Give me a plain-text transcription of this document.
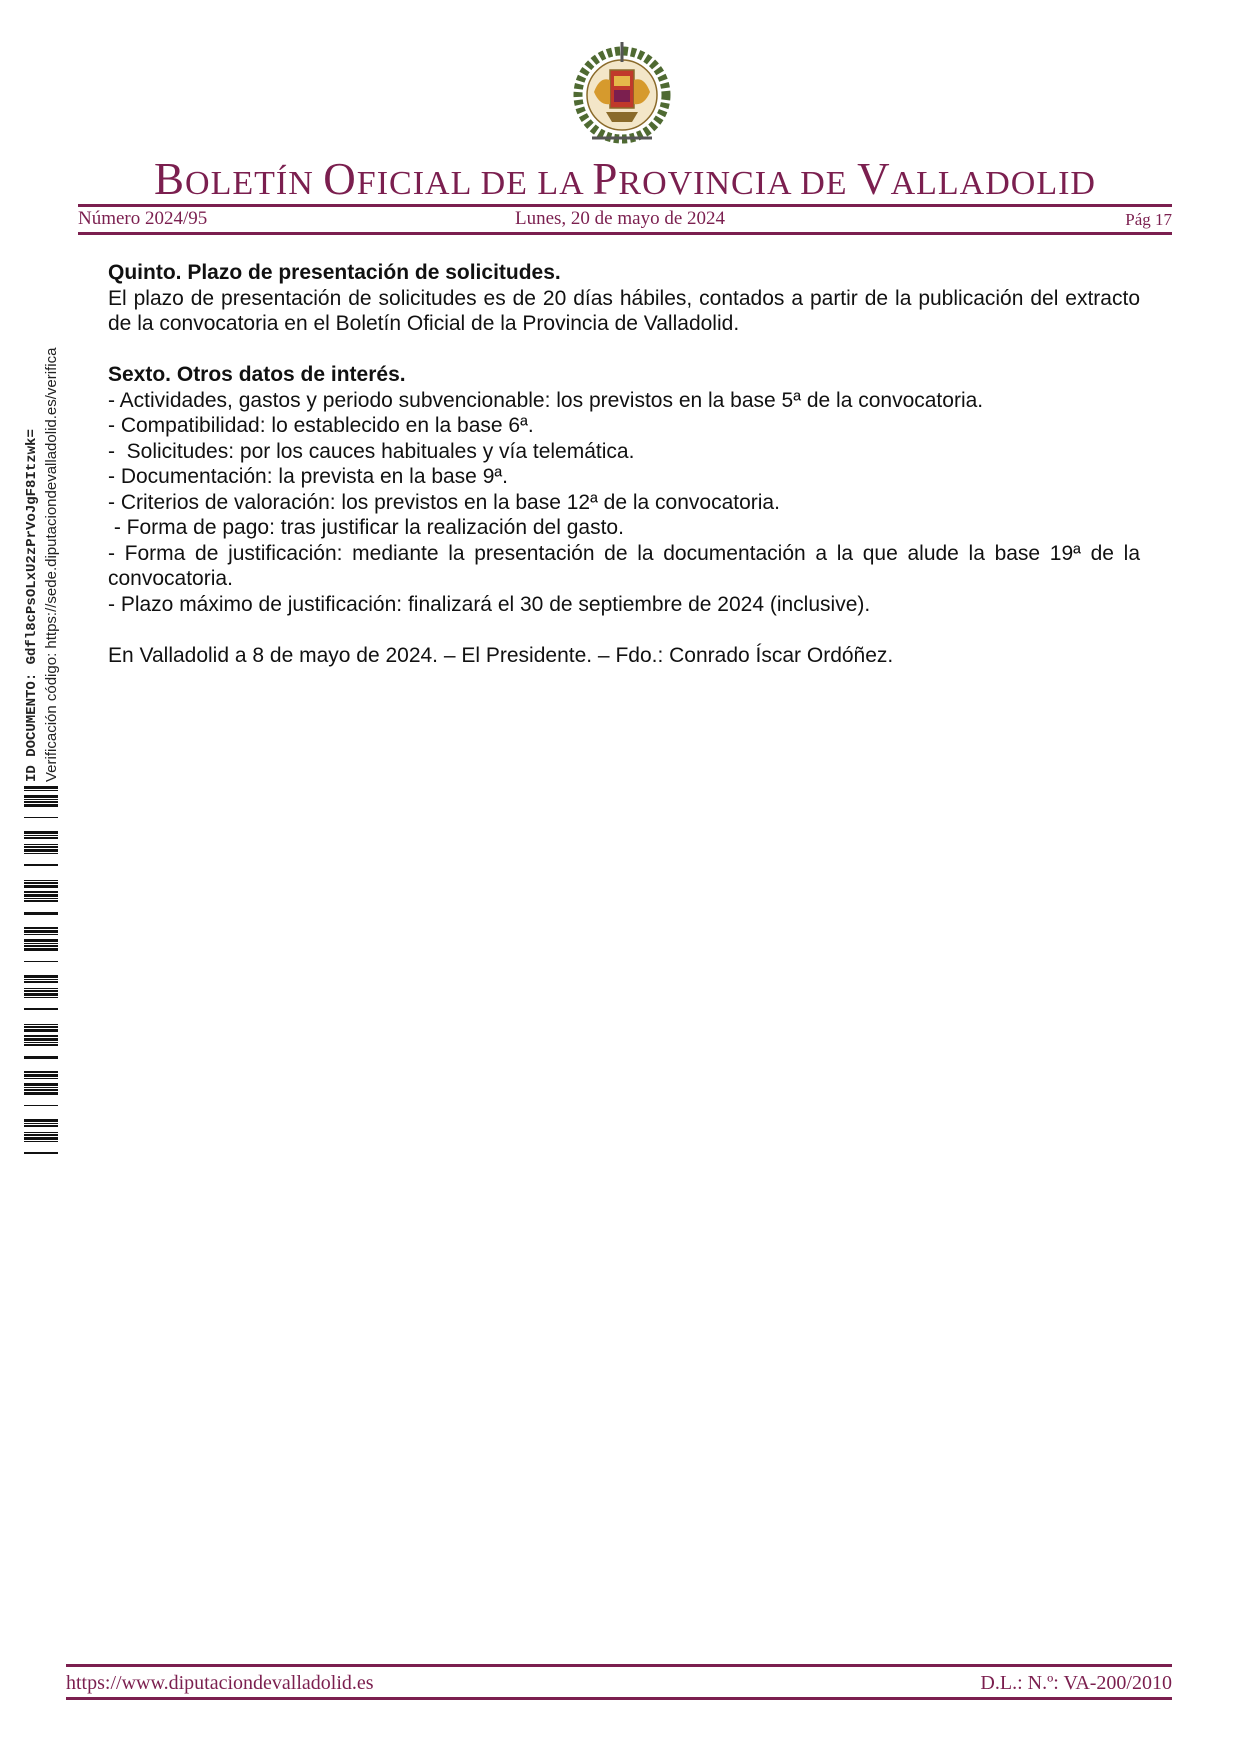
BOLETÍN OFICIAL DE LA PROVINCIA DE VALLADOLID
Número 2024/95	Lunes, 20 de mayo de 2024	Pág 17
ID DOCUMENTO: Gdfl8cPsOLxU2zPrVoJgF8Itzwk= Verificación código: https://sede.diputaciondevalladolid.es/verifica

Quinto. Plazo de presentación de solicitudes.

El plazo de presentación de solicitudes es de 20 días hábiles, contados a partir de la publicación del extracto de la convocatoria en el Boletín Oficial de la Provincia de Valladolid.

Sexto. Otros datos de interés.

- Actividades, gastos y periodo subvencionable: los previstos en la base 5ª de la convocatoria.

- Compatibilidad: lo establecido en la base 6ª.

-  Solicitudes: por los cauces habituales y vía telemática.

- Documentación: la prevista en la base 9ª.

- Criterios de valoración: los previstos en la base 12ª de la convocatoria.

- Forma de pago: tras justificar la realización del gasto.

- Forma de justificación: mediante la presentación de la documentación a la que alude la base 19ª de la convocatoria.

- Plazo máximo de justificación: finalizará el 30 de septiembre de 2024 (inclusive).

En Valladolid a 8 de mayo de 2024. – El Presidente. – Fdo.: Conrado Íscar Ordóñez.

https://www.diputaciondevalladolid.es	D.L.: N.º: VA-200/2010
